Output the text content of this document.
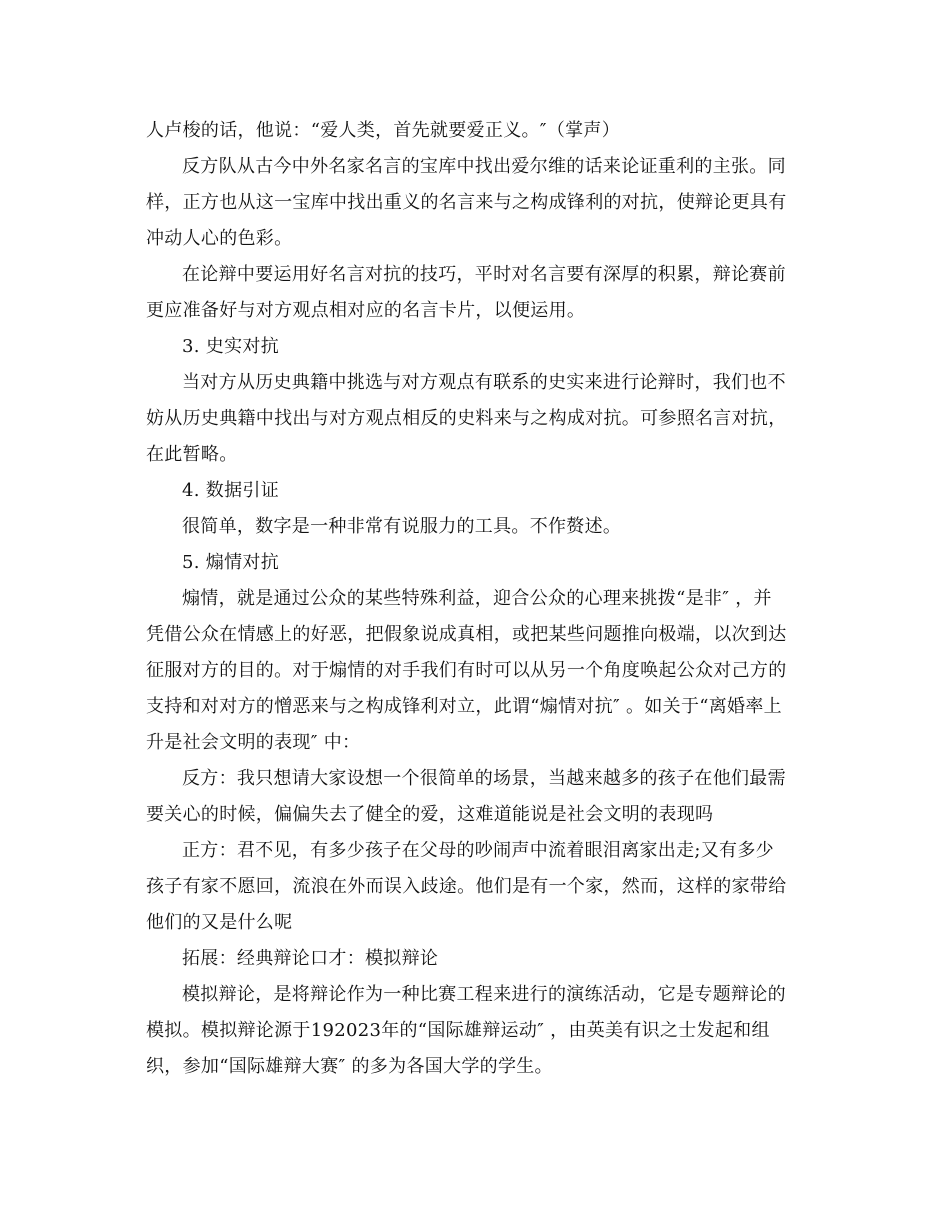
人卢梭的话，他说：“爱人类，首先就要爱正义。″（掌声）
反方队从古今中外名家名言的宝库中找出爱尔维的话来论证重利的主张。同
样，正方也从这一宝库中找出重义的名言来与之构成锋利的对抗，使辩论更具有
冲动人心的色彩。
在论辩中要运用好名言对抗的技巧，平时对名言要有深厚的积累，辩论赛前
更应准备好与对方观点相对应的名言卡片，以便运用。
3. 史实对抗
当对方从历史典籍中挑选与对方观点有联系的史实来进行论辩时，我们也不
妨从历史典籍中找出与对方观点相反的史料来与之构成对抗。可参照名言对抗，
在此暂略。
4. 数据引证
很简单，数字是一种非常有说服力的工具。不作赘述。
5. 煽情对抗
煽情，就是通过公众的某些特殊利益，迎合公众的心理来挑拨“是非″ ，并
凭借公众在情感上的好恶，把假象说成真相，或把某些问题推向极端，以次到达
征服对方的目的。对于煽情的对手我们有时可以从另一个角度唤起公众对己方的
支持和对对方的憎恶来与之构成锋利对立，此谓“煽情对抗″ 。如关于“离婚率上
升是社会文明的表现″ 中：
反方：我只想请大家设想一个很简单的场景，当越来越多的孩子在他们最需
要关心的时候，偏偏失去了健全的爱，这难道能说是社会文明的表现吗
正方：君不见，有多少孩子在父母的吵闹声中流着眼泪离家出走;又有多少
孩子有家不愿回，流浪在外而误入歧途。他们是有一个家，然而，这样的家带给
他们的又是什么呢
拓展：经典辩论口才：模拟辩论
模拟辩论，是将辩论作为一种比赛工程来进行的演练活动，它是专题辩论的
模拟。模拟辩论源于192023年的“国际雄辩运动″ ，由英美有识之士发起和组
织，参加“国际雄辩大赛″ 的多为各国大学的学生。
